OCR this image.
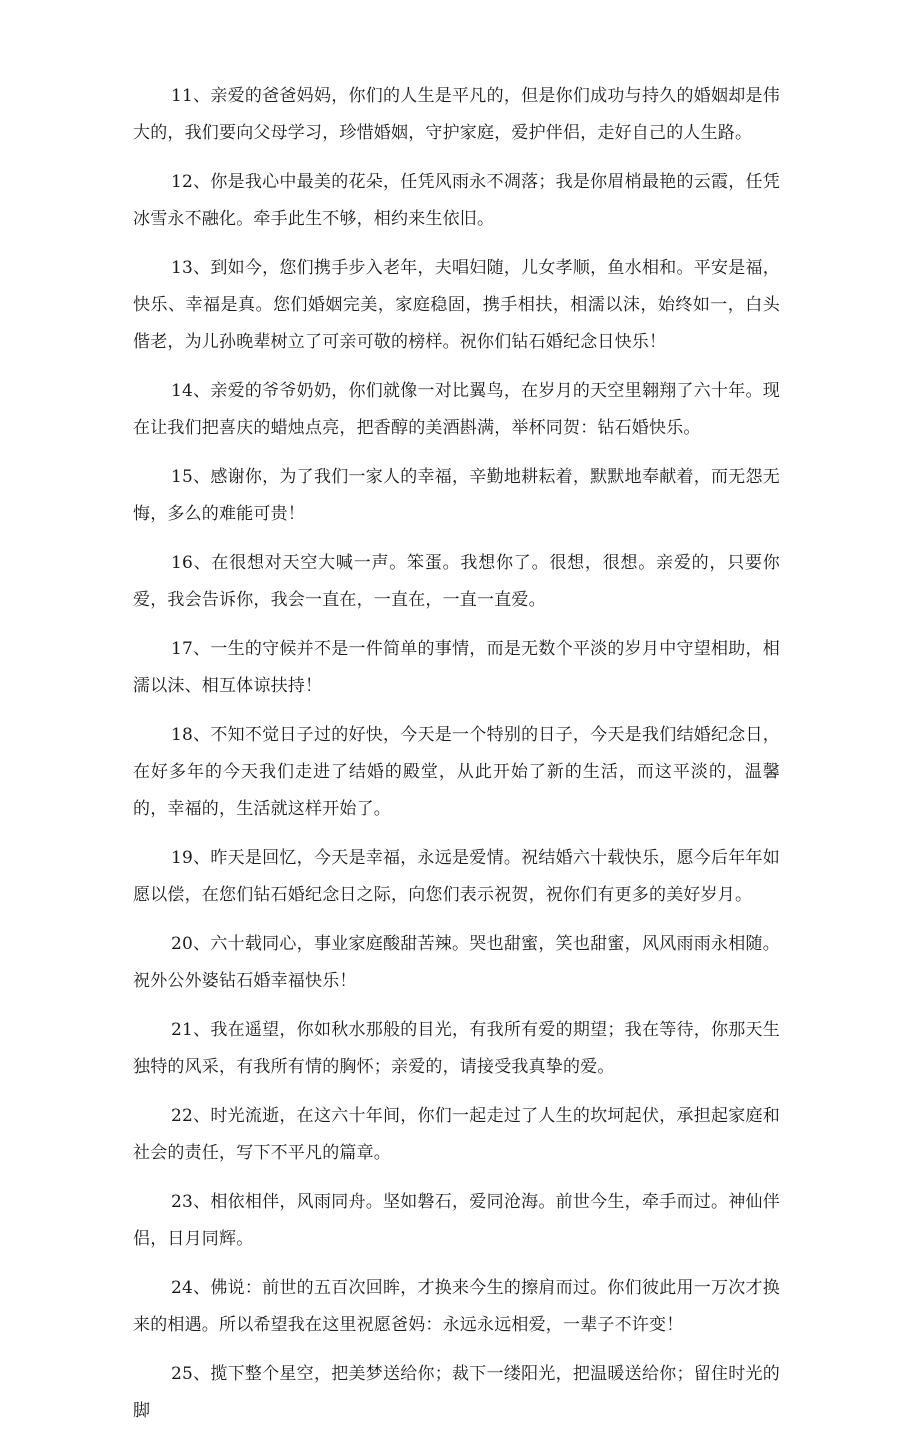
11、亲爱的爸爸妈妈，你们的人生是平凡的，但是你们成功与持久的婚姻却是伟大的，我们要向父母学习，珍惜婚姻，守护家庭，爱护伴侣，走好自己的人生路。

12、你是我心中最美的花朵，任凭风雨永不凋落；我是你眉梢最艳的云霞，任凭冰雪永不融化。牵手此生不够，相约来生依旧。

13、到如今，您们携手步入老年，夫唱妇随，儿女孝顺，鱼水相和。平安是福，快乐、幸福是真。您们婚姻完美，家庭稳固，携手相扶，相濡以沫，始终如一，白头偕老，为儿孙晚辈树立了可亲可敬的榜样。祝你们钻石婚纪念日快乐！

14、亲爱的爷爷奶奶，你们就像一对比翼鸟，在岁月的天空里翱翔了六十年。现在让我们把喜庆的蜡烛点亮，把香醇的美酒斟满，举杯同贺：钻石婚快乐。

15、感谢你，为了我们一家人的幸福，辛勤地耕耘着，默默地奉献着，而无怨无悔，多么的难能可贵！

16、在很想对天空大喊一声。笨蛋。我想你了。很想，很想。亲爱的，只要你爱，我会告诉你，我会一直在，一直在，一直一直爱。

17、一生的守候并不是一件简单的事情，而是无数个平淡的岁月中守望相助，相濡以沫、相互体谅扶持！

18、不知不觉日子过的好快，今天是一个特别的日子，今天是我们结婚纪念日，在好多年的今天我们走进了结婚的殿堂，从此开始了新的生活，而这平淡的，温馨的，幸福的，生活就这样开始了。

19、昨天是回忆，今天是幸福，永远是爱情。祝结婚六十载快乐，愿今后年年如愿以偿，在您们钻石婚纪念日之际，向您们表示祝贺，祝你们有更多的美好岁月。

20、六十载同心，事业家庭酸甜苦辣。哭也甜蜜，笑也甜蜜，风风雨雨永相随。祝外公外婆钻石婚幸福快乐！

21、我在遥望，你如秋水那般的目光，有我所有爱的期望；我在等待，你那天生独特的风采，有我所有情的胸怀；亲爱的，请接受我真挚的爱。

22、时光流逝，在这六十年间，你们一起走过了人生的坎坷起伏，承担起家庭和社会的责任，写下不平凡的篇章。

23、相依相伴，风雨同舟。坚如磐石，爱同沧海。前世今生，牵手而过。神仙伴侣，日月同辉。

24、佛说：前世的五百次回眸，才换来今生的擦肩而过。你们彼此用一万次才换来的相遇。所以希望我在这里祝愿爸妈：永远永远相爱，一辈子不许变！

25、揽下整个星空，把美梦送给你；裁下一缕阳光，把温暖送给你；留住时光的脚
